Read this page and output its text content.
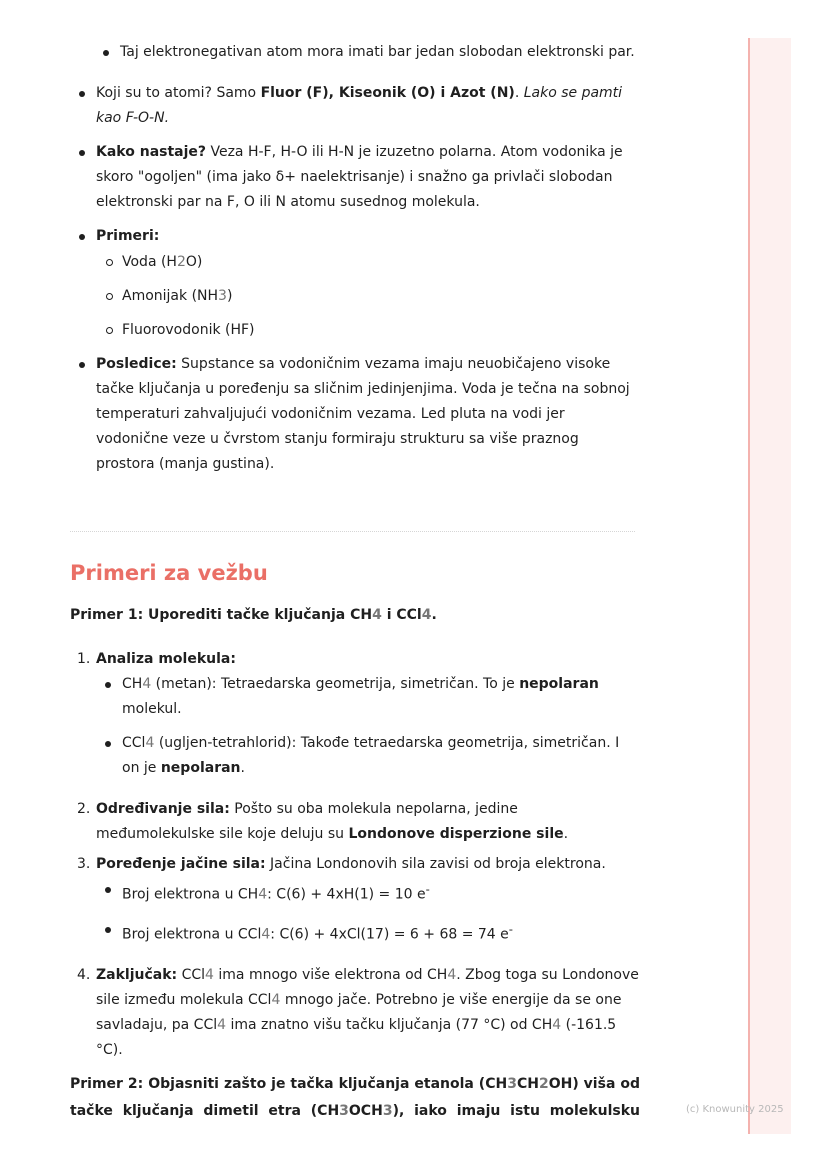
Taj elektronegativan atom mora imati bar jedan slobodan elektronski par.
Koji su to atomi? Samo Fluor (F), Kiseonik (O) i Azot (N). Lako se pamti kao F-O-N.
Kako nastaje? Veza H-F, H-O ili H-N je izuzetno polarna. Atom vodonika je skoro "ogoljen" (ima jako δ+ naelektrisanje) i snažno ga privlači slobodan elektronski par na F, O ili N atomu susednog molekula.
Primeri:
Voda (H2O)
Amonijak (NH3)
Fluorovodonik (HF)
Posledice: Supstance sa vodoničnim vezama imaju neuobičajeno visoke tačke ključanja u poređenju sa sličnim jedinjenjima. Voda je tečna na sobnoj temperaturi zahvaljujući vodoničnim vezama. Led pluta na vodi jer vodonične veze u čvrstom stanju formiraju strukturu sa više praznog prostora (manja gustina).
Primeri za vežbu
Primer 1: Uporediti tačke ključanja CH4 i CCl4.
1. Analiza molekula:
CH4 (metan): Tetraedarska geometrija, simetričan. To je nepolaran molekul.
CCl4 (ugljen-tetrahlorid): Takođe tetraedarska geometrija, simetričan. I on je nepolaran.
2. Određivanje sila: Pošto su oba molekula nepolarna, jedine međumolekulske sile koje deluju su Londonove disperzione sile.
3. Poređenje jačine sila: Jačina Londonovih sila zavisi od broja elektrona.
Broj elektrona u CH4: C(6) + 4xH(1) = 10 e-
Broj elektrona u CCl4: C(6) + 4xCl(17) = 6 + 68 = 74 e-
4. Zaključak: CCl4 ima mnogo više elektrona od CH4. Zbog toga su Londonove sile između molekula CCl4 mnogo jače. Potrebno je više energije da se one savladaju, pa CCl4 ima znatno višu tačku ključanja (77 °C) od CH4 (-161.5 °C).
Primer 2: Objasniti zašto je tačka ključanja etanola (CH3CH2OH) viša od
tačke ključanja dimetil etra (CH3OCH3), iako imaju istu molekulsku	(c) Knowunity 2025
